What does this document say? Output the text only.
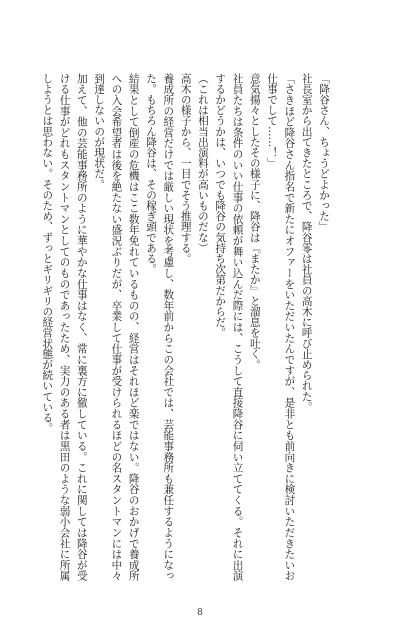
「降谷さん、ちょうどよかった」

社長室から出てきたところで、降谷零は社員の高木に呼び止められた。

「さきほど降谷さん指名で新たにオファーをいただいたんですが、是非とも前向きに検討いただきたいお仕事でして……！」

意気揚々としたその様子に、降谷は『またか』と溜息を吐く。

社員たちは条件のいい仕事の依頼が舞い込んだ際には、こうして直接降谷に伺い立ててくる。それに出演するかどうかは、いつでも降谷の気持ち次第だからだ。

（これは相当出演料が高いものだな）

高木の様子から、一目でそう推理する。

養成所の経営だけでは厳しい現状を考慮し、数年前からこの会社では、芸能事務所も兼任するようになった。もちろん降谷は、その稼ぎ頭である。

結果として倒産の危機はここ数年免れているものの、経営はそれほど楽ではない。降谷のおかげで養成所への入会希望者は後を絶たない盛況ぶりだが、卒業して仕事が受けられるほどの名スタントマンには中々到達しないのが現状だ。

加えて、他の芸能事務所のように華やかな仕事はなく、常に裏方に徹している。これに関しては降谷が受ける仕事がどれもスタントマンとしてのものであったため、実力のある者は黒田のような弱小会社に所属しようとは思わない。そのため、ずっとギリギリの経営状態が続いている。

8
